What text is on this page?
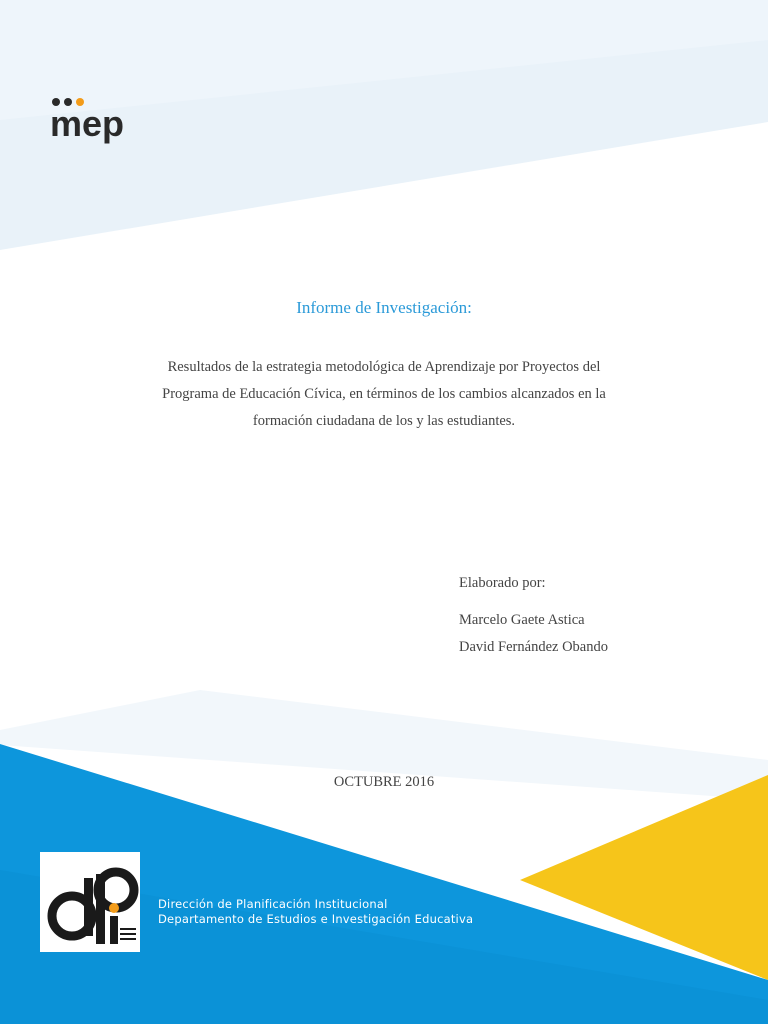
mep
Informe de Investigación:
Resultados de la estrategia metodológica de Aprendizaje por Proyectos del Programa de Educación Cívica, en términos de los cambios alcanzados en la formación ciudadana de los y las estudiantes.
Elaborado por:
Marcelo Gaete Astica
David Fernández Obando
OCTUBRE 2016
Dirección de Planificación Institucional
Departamento de Estudios e Investigación Educativa
